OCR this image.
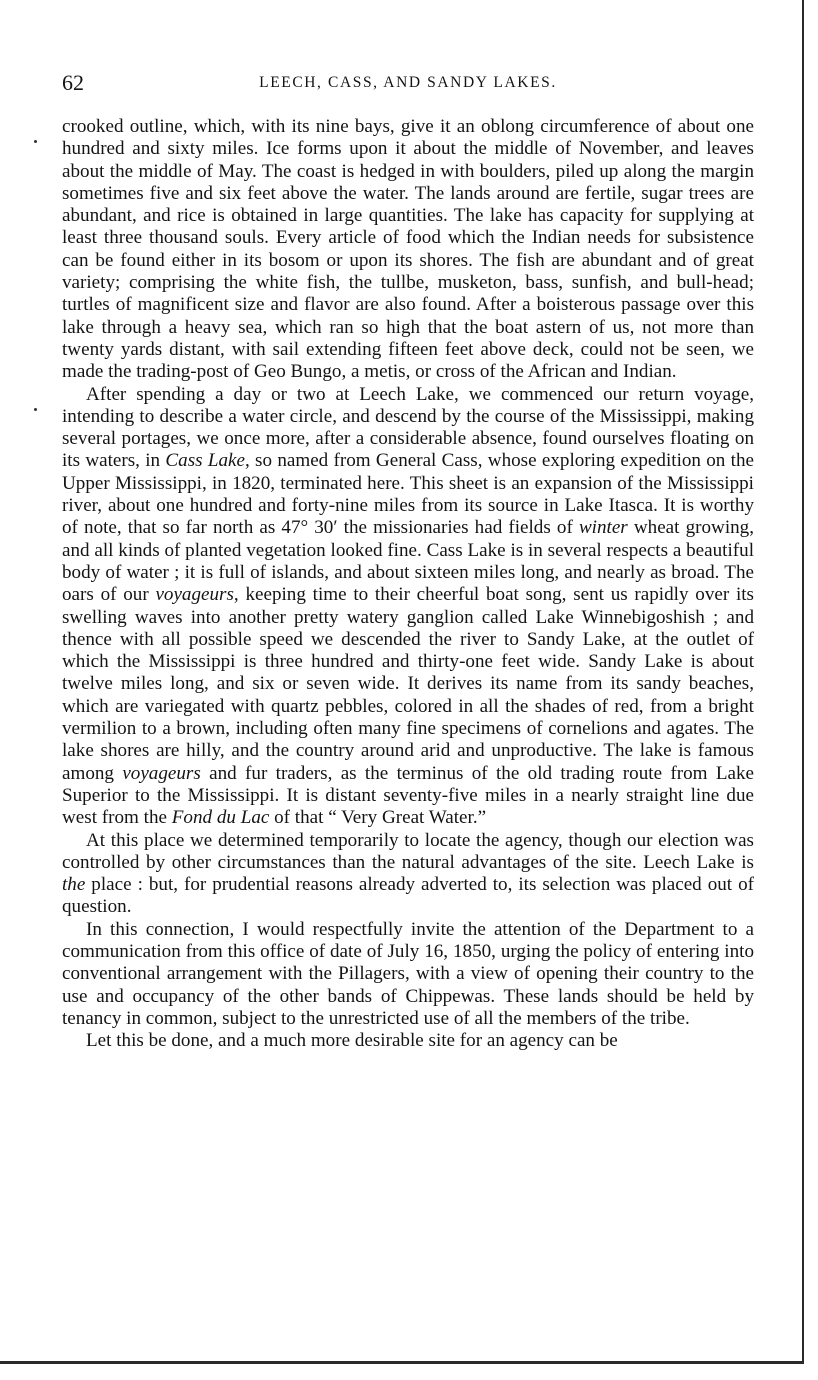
62	LEECH, CASS, AND SANDY LAKES.

crooked outline, which, with its nine bays, give it an oblong circumference of about one hundred and sixty miles. Ice forms upon it about the middle of November, and leaves about the middle of May. The coast is hedged in with boulders, piled up along the margin sometimes five and six feet above the water. The lands around are fertile, sugar trees are abundant, and rice is obtained in large quantities. The lake has capacity for supplying at least three thousand souls. Every article of food which the Indian needs for subsistence can be found either in its bosom or upon its shores. The fish are abundant and of great variety; comprising the white fish, the tullbe, musketon, bass, sunfish, and bull-head; turtles of magnificent size and flavor are also found. After a boisterous passage over this lake through a heavy sea, which ran so high that the boat astern of us, not more than twenty yards distant, with sail extending fifteen feet above deck, could not be seen, we made the trading-post of Geo Bungo, a metis, or cross of the African and Indian.

After spending a day or two at Leech Lake, we commenced our return voyage, intending to describe a water circle, and descend by the course of the Mississippi, making several portages, we once more, after a considerable absence, found ourselves floating on its waters, in Cass Lake, so named from General Cass, whose exploring expedition on the Upper Mississippi, in 1820, terminated here. This sheet is an expansion of the Mississippi river, about one hundred and forty-nine miles from its source in Lake Itasca. It is worthy of note, that so far north as 47° 30′ the missionaries had fields of winter wheat growing, and all kinds of planted vegetation looked fine. Cass Lake is in several respects a beautiful body of water ; it is full of islands, and about sixteen miles long, and nearly as broad. The oars of our voyageurs, keeping time to their cheerful boat song, sent us rapidly over its swelling waves into another pretty watery ganglion called Lake Winnebigoshish ; and thence with all possible speed we descended the river to Sandy Lake, at the outlet of which the Mississippi is three hundred and thirty-one feet wide. Sandy Lake is about twelve miles long, and six or seven wide. It derives its name from its sandy beaches, which are variegated with quartz pebbles, colored in all the shades of red, from a bright vermilion to a brown, including often many fine specimens of cornelions and agates. The lake shores are hilly, and the country around arid and unproductive. The lake is famous among voyageurs and fur traders, as the terminus of the old trading route from Lake Superior to the Mississippi. It is distant seventy-five miles in a nearly straight line due west from the Fond du Lac of that “ Very Great Water.”

At this place we determined temporarily to locate the agency, though our election was controlled by other circumstances than the natural advantages of the site. Leech Lake is the place : but, for prudential reasons already adverted to, its selection was placed out of question.

In this connection, I would respectfully invite the attention of the Department to a communication from this office of date of July 16, 1850, urging the policy of entering into conventional arrangement with the Pillagers, with a view of opening their country to the use and occupancy of the other bands of Chippewas. These lands should be held by tenancy in common, subject to the unrestricted use of all the members of the tribe.

Let this be done, and a much more desirable site for an agency can be
